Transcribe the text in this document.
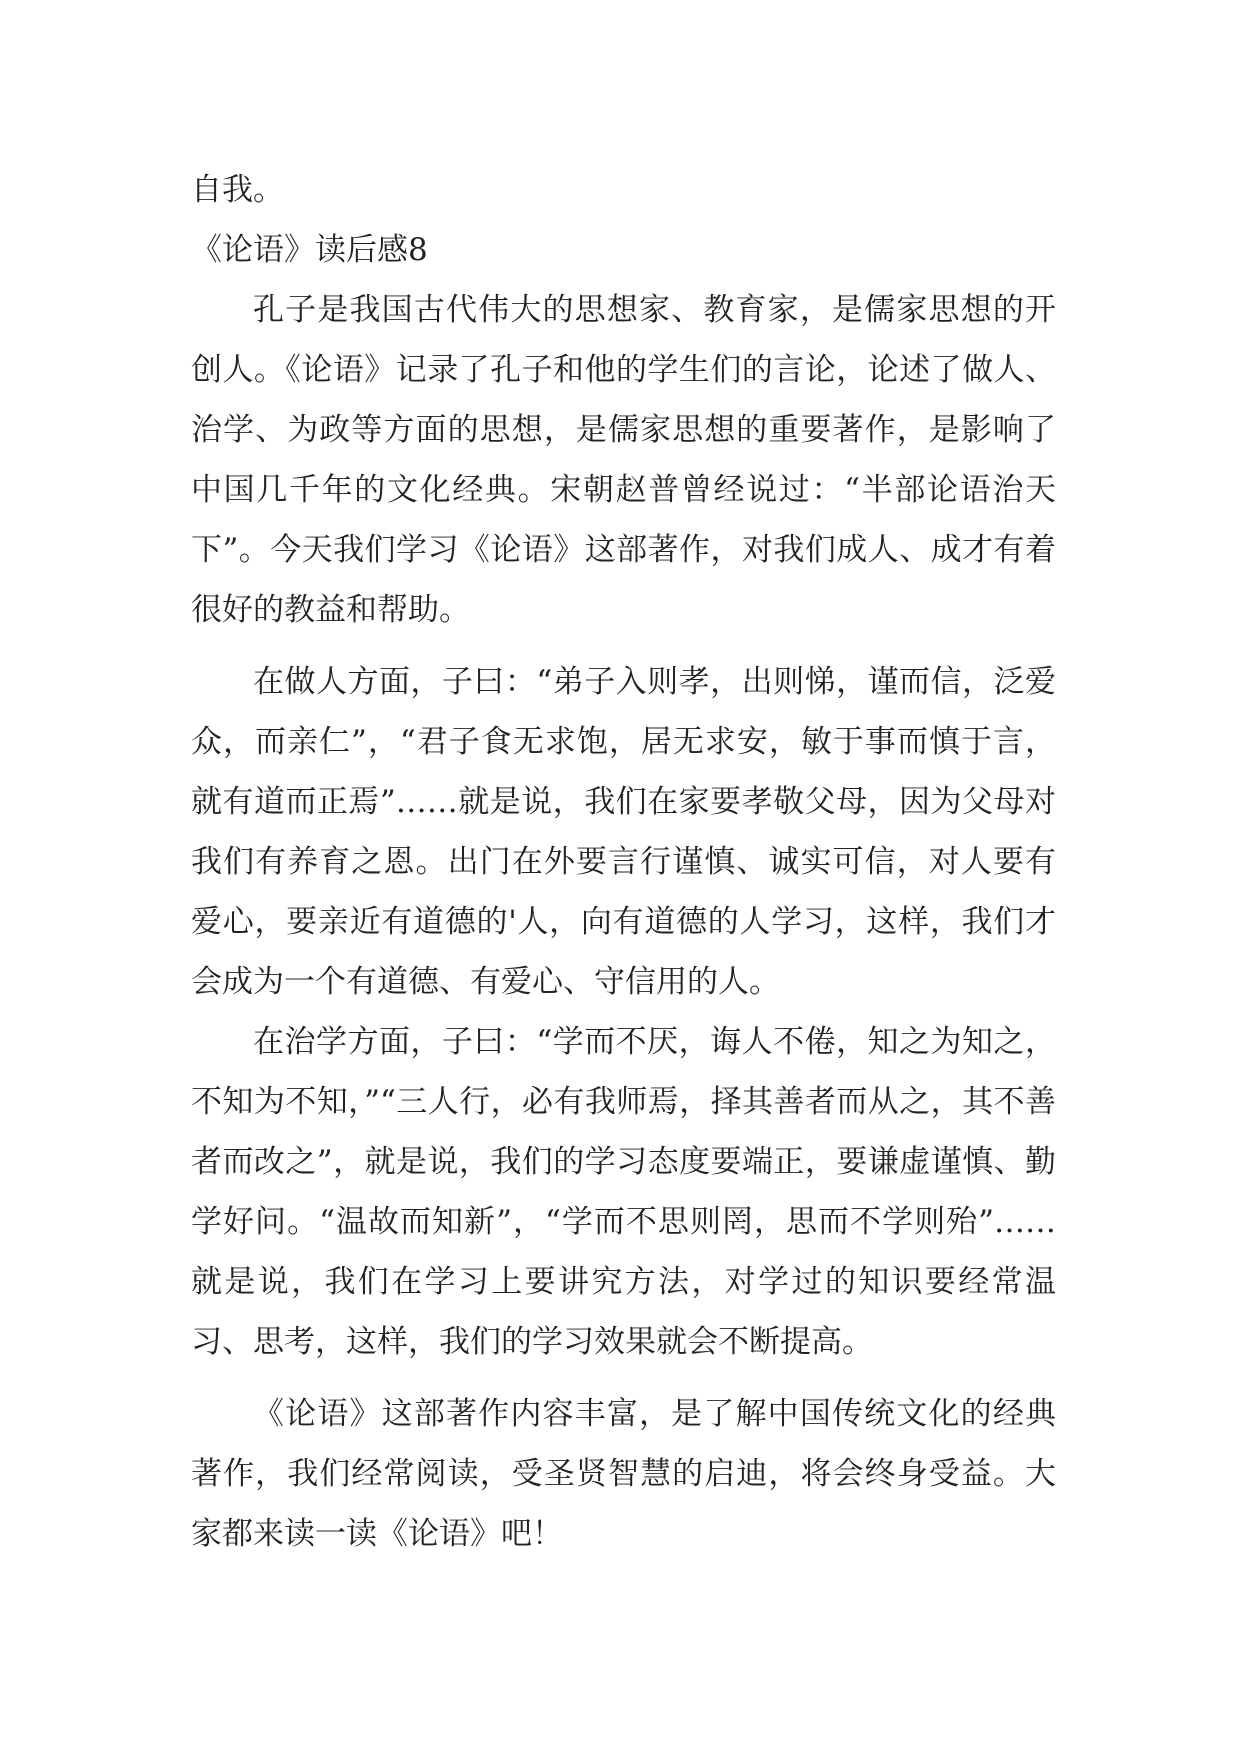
自我。

《论语》读后感8

孔子是我国古代伟大的思想家、教育家，是儒家思想的开创人。《论语》记录了孔子和他的学生们的言论，论述了做人、治学、为政等方面的思想，是儒家思想的重要著作，是影响了中国几千年的文化经典。宋朝赵普曾经说过：“半部论语治天下”。今天我们学习《论语》这部著作，对我们成人、成才有着很好的教益和帮助。

在做人方面，子曰：“弟子入则孝，出则悌，谨而信，泛爱众，而亲仁”，“君子食无求饱，居无求安，敏于事而慎于言，就有道而正焉”……就是说，我们在家要孝敬父母，因为父母对我们有养育之恩。出门在外要言行谨慎、诚实可信，对人要有爱心，要亲近有道德的'人，向有道德的人学习，这样，我们才会成为一个有道德、有爱心、守信用的人。

在治学方面，子曰：“学而不厌，诲人不倦，知之为知之，不知为不知，”“三人行，必有我师焉，择其善者而从之，其不善者而改之”，就是说，我们的学习态度要端正，要谦虚谨慎、勤学好问。“温故而知新”，“学而不思则罔，思而不学则殆”……就是说，我们在学习上要讲究方法，对学过的知识要经常温习、思考，这样，我们的学习效果就会不断提高。

《论语》这部著作内容丰富，是了解中国传统文化的经典著作，我们经常阅读，受圣贤智慧的启迪，将会终身受益。大家都来读一读《论语》吧！
